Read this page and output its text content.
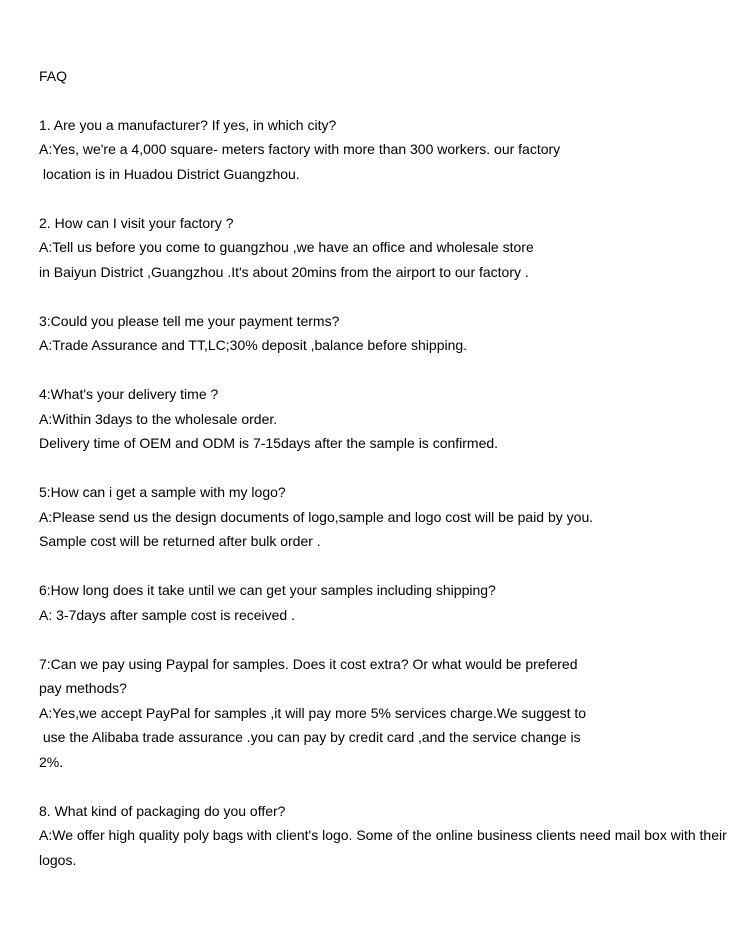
FAQ
1. Are you a manufacturer? If yes, in which city?
A:Yes, we're a 4,000 square- meters factory with more than 300 workers. our factory
location is in Huadou District Guangzhou.
2. How can I visit your factory ?
A:Tell us before you come to guangzhou ,we have an office and wholesale store
in Baiyun District ,Guangzhou .It's about 20mins from the airport to our factory .
3:Could you please tell me your payment terms?
A:Trade Assurance and TT,LC;30% deposit ,balance before shipping.
4:What's your delivery time ?
A:Within 3days to the wholesale order.
Delivery time of OEM and ODM is 7-15days after the sample is confirmed.
5:How can i get a sample with my logo?
A:Please send us the design documents of logo,sample and logo cost will be paid by you.
Sample cost will be returned after bulk order .
6:How long does it take until we can get your samples including shipping?
A: 3-7days after sample cost is received .
7:Can we pay using Paypal for samples. Does it cost extra? Or what would be prefered
pay methods?
A:Yes,we accept PayPal for samples ,it will pay more 5% services charge.We suggest to
use the Alibaba trade assurance .you can pay by credit card ,and the service change is
2%.
8. What kind of packaging do you offer?
A:We offer high quality poly bags with client's logo. Some of the online business clients need mail box with their
logos.
